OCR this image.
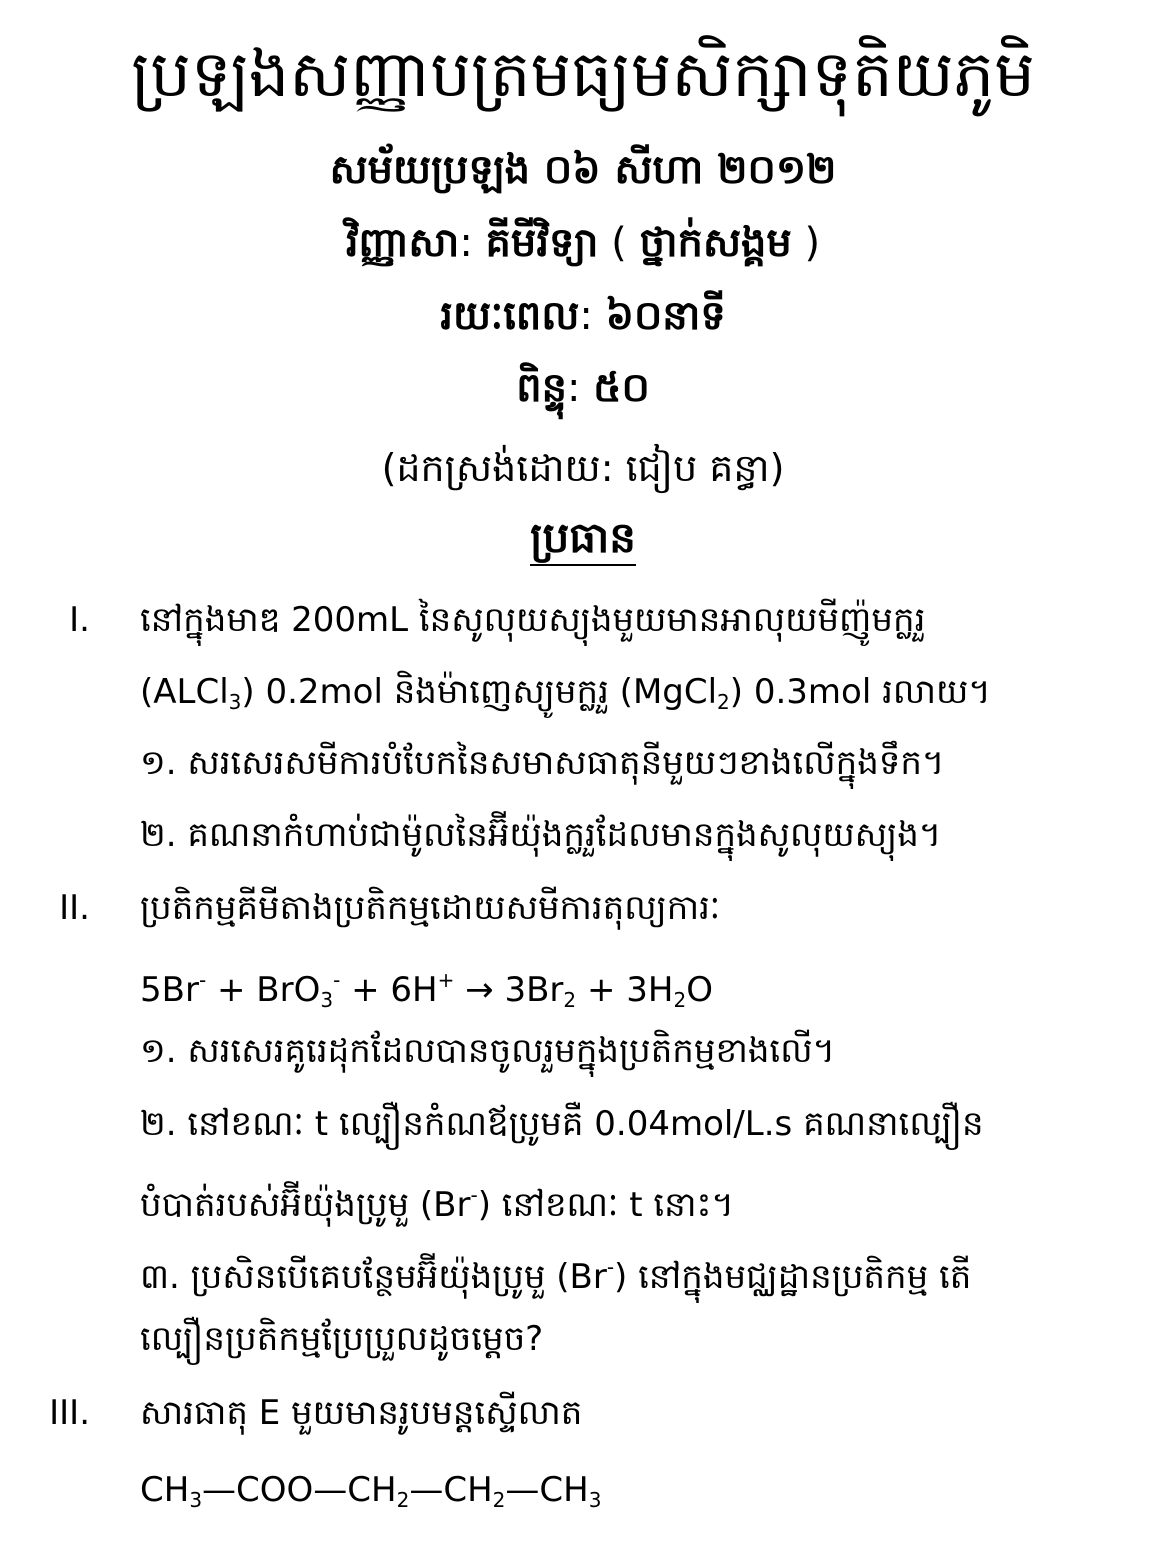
ប្រឡងសញ្ញាបត្រមធ្យមសិក្សាទុតិយភូមិ
សម័យប្រឡង ០៦ សីហា ២០១២
វិញ្ញាសា: គីមីវិទ្យា ( ថ្នាក់សង្គម )
រយៈពេល: ៦០នាទី
ពិន្ទុ: ៥០
(ដកស្រង់ដោយ: ជៀប គន្ធា)
ប្រធាន
I. នៅក្នុងមាឌ 200mL នៃសូលុយស្យុងមួយមានអាលុយមីញ៉ូមក្លរួ
(ALCl$_3$) 0.2mol និងម៉ាញេស្យូមក្លរួ (MgCl$_2$) 0.3mol រលាយ។
១. សរសេរសមីការបំបែកនៃសមាសធាតុនីមួយៗខាងលើក្នុងទឹក។
២. គណនាកំហាប់ជាម៉ូលនៃអ៊ីយ៉ុងក្លរួដែលមានក្នុងសូលុយស្យុង។
II. ប្រតិកម្មគីមីតាងប្រតិកម្មដោយសមីការតុល្យការៈ
$5Br^- + BrO_3^- + 6H^+ \to 3Br_2 + 3H_2O$
១. សរសេរគូរេដុកដែលបានចូលរួមក្នុងប្រតិកម្មខាងលើ។
២. នៅខណៈ t ល្បឿនកំណឪប្រូមគឺ 0.04mol/L.s គណនាល្បឿន
បំបាត់របស់អ៊ីយ៉ុងប្រូមួ (Br-) នៅខណៈ t នោះ។
៣. ប្រសិនបើគេបន្ថែមអ៊ីយ៉ុងប្រូមួ (Br-) នៅក្នុងមជ្ឈដ្ឋានប្រតិកម្ម តើ
ល្បឿនប្រតិកម្មប្រែប្រួលដូចម្ដេច?
III. សារធាតុ E មួយមានរូបមន្តស្ទើលាត
$CH_3—COO—CH_2—CH_2—CH_3$
